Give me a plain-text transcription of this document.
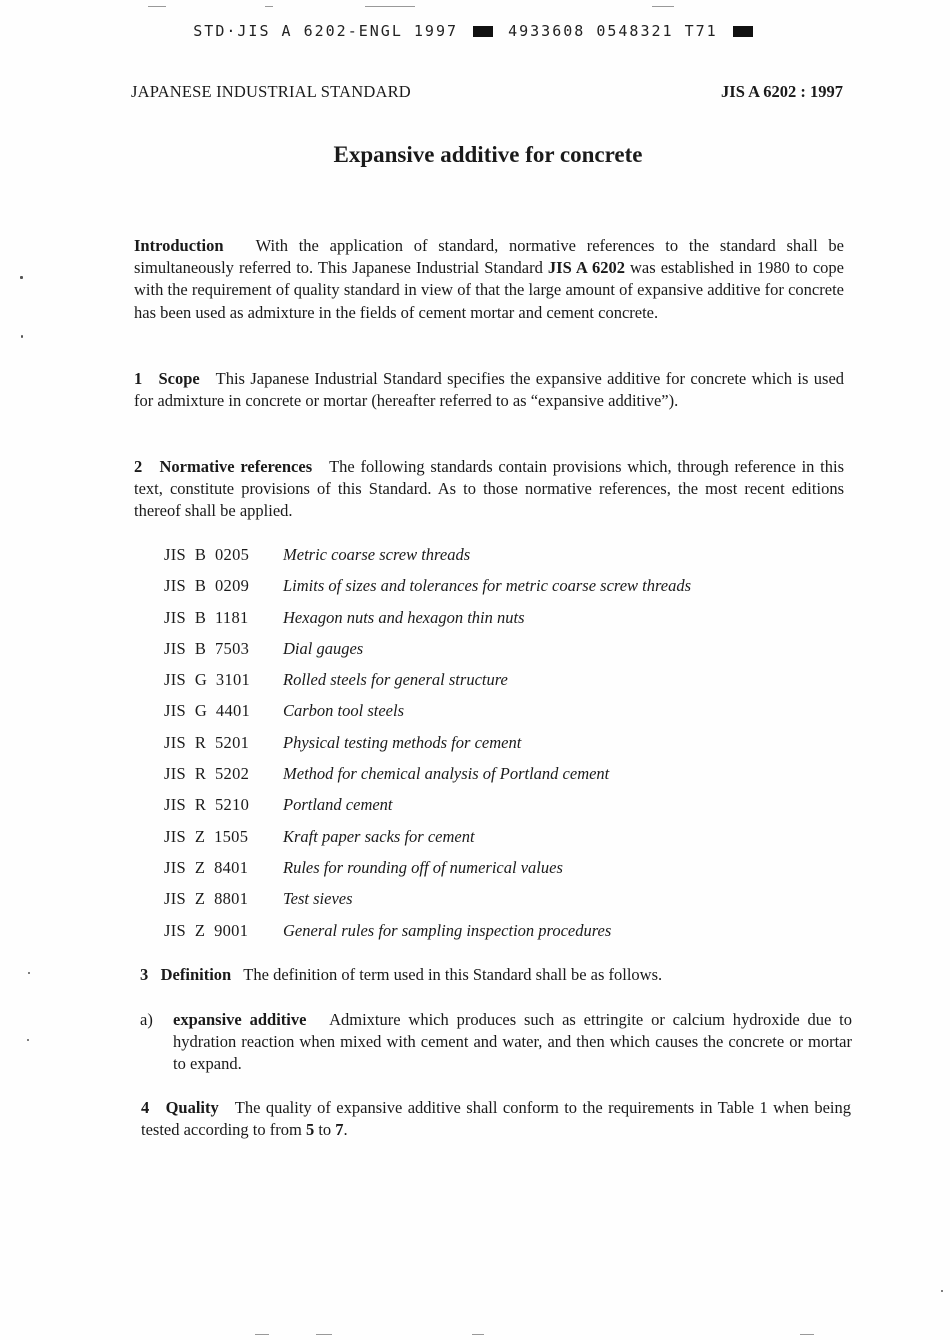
STD·JIS A 6202-ENGL 1997	4933608 0548321 T71
JAPANESE INDUSTRIAL STANDARD	JIS A 6202 : 1997
Expansive additive for concrete
Introduction With the application of standard, normative references to the standard shall be simultaneously referred to. This Japanese Industrial Standard JIS A 6202 was established in 1980 to cope with the requirement of quality standard in view of that the large amount of expansive additive for concrete has been used as admixture in the fields of cement mortar and cement concrete.
1 Scope This Japanese Industrial Standard specifies the expansive additive for concrete which is used for admixture in concrete or mortar (hereafter referred to as “expansive additive”).
2 Normative references The following standards contain provisions which, through reference in this text, constitute provisions of this Standard. As to those normative references, the most recent editions thereof shall be applied.
JIS  B  0205 Metric coarse screw threads
JIS  B  0209 Limits of sizes and tolerances for metric coarse screw threads
JIS  B  1181 Hexagon nuts and hexagon thin nuts
JIS  B  7503 Dial gauges
JIS  G  3101 Rolled steels for general structure
JIS  G  4401 Carbon tool steels
JIS  R  5201 Physical testing methods for cement
JIS  R  5202 Method for chemical analysis of Portland cement
JIS  R  5210 Portland cement
JIS  Z  1505 Kraft paper sacks for cement
JIS  Z  8401 Rules for rounding off of numerical values
JIS  Z  8801 Test sieves
JIS  Z  9001 General rules for sampling inspection procedures
3 Definition The definition of term used in this Standard shall be as follows.
a) expansive additive Admixture which produces such as ettringite or calcium hydroxide due to hydration reaction when mixed with cement and water, and then which causes the concrete or mortar to expand.
4 Quality The quality of expansive additive shall conform to the requirements in Table 1 when being tested according to from 5 to 7.
